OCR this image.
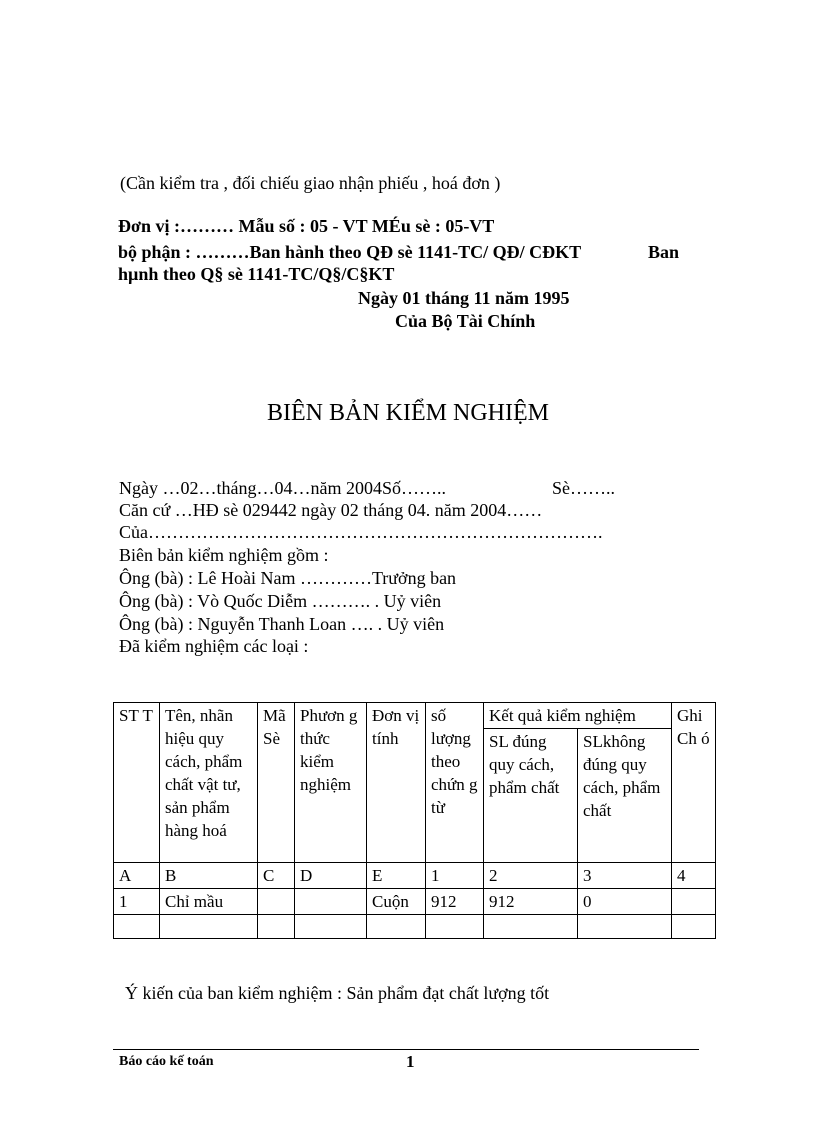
(Cần kiểm tra , đối chiếu giao nhận phiếu , hoá đơn )
Đơn vị :……… Mẫu số : 05 - VT MÉu sè : 05-VT
bộ phận : ………Ban hành theo QĐ sè 1141-TC/ QĐ/ CĐKT	Ban
hµnh theo Q§ sè 1141-TC/Q§/C§KT
Ngày 01 tháng 11 năm 1995
Của Bộ Tài Chính
BIÊN BẢN KIỂM NGHIỆM
Ngày …02…tháng…04…năm 2004Số……..	Sè……..
Căn cứ …HĐ sè 029442 ngày 02 tháng 04. năm 2004……
Của………………………………………………………………….
Biên bản kiểm nghiệm gồm :
Ông (bà) : Lê Hoài Nam …………Trưởng ban
Ông (bà) : Vò Quốc Diễm ………. . Uỷ viên
Ông (bà) : Nguyễn Thanh Loan …. . Uỷ viên
Đã kiểm nghiệm các loại :
ST T	Tên, nhãn hiệu quy cách, phẩm chất vật tư, sản phẩm hàng hoá	Mã Sè	Phươn g thức kiểm nghiệm	Đơn vị tính	số lượng theo chứn g từ	Kết quả kiểm nghiệm		Ghi Ch ó
						SL đúng quy cách, phẩm chất	SLkhông đúng quy cách, phẩm chất	
A	B	C	D	E	1	2	3	4
1	Chỉ mầu			Cuộn	912	912	0	

Ý kiến của ban kiểm nghiệm : Sản phẩm đạt chất lượng tốt
Báo cáo kế toán	1
